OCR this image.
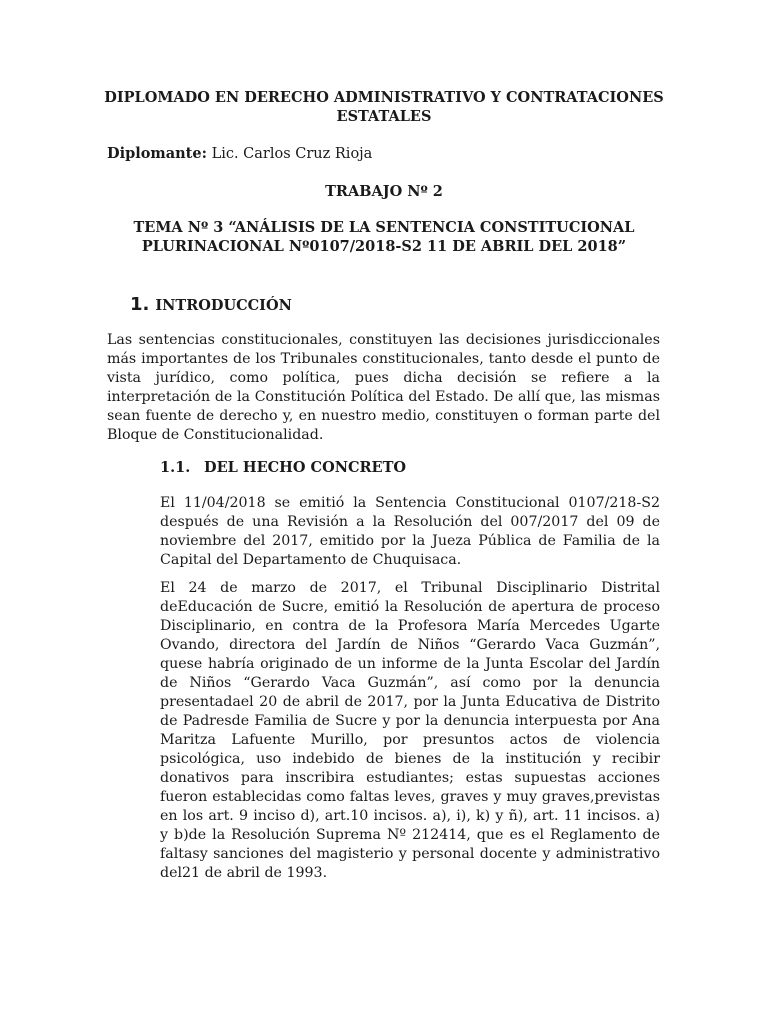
DIPLOMADO EN DERECHO ADMINISTRATIVO Y CONTRATACIONES ESTATALES
Diplomante: Lic. Carlos Cruz Rioja
TRABAJO Nº 2
TEMA Nº 3 “ANÁLISIS DE LA SENTENCIA CONSTITUCIONAL PLURINACIONAL Nº0107/2018-S2 11 DE ABRIL DEL 2018”
1. INTRODUCCIÓN

Las sentencias constitucionales, constituyen las decisiones jurisdiccionales más importantes de los Tribunales constitucionales, tanto desde el punto de vista jurídico, como política, pues dicha decisión se refiere a la interpretación de la Constitución Política del Estado. De allí que, las mismas sean fuente de derecho y, en nuestro medio, constituyen o forman parte del Bloque de Constitucionalidad.

1.1. DEL HECHO CONCRETO

El 11/04/2018 se emitió la Sentencia Constitucional 0107/218-S2 después de una Revisión a la Resolución del 007/2017 del 09 de noviembre del 2017, emitido por la Jueza Pública de Familia de la Capital del Departamento de Chuquisaca.

El 24 de marzo de 2017, el Tribunal Disciplinario Distrital deEducación de Sucre, emitió la Resolución de apertura de proceso Disciplinario, en contra de la Profesora María Mercedes Ugarte Ovando, directora del Jardín de Niños “Gerardo Vaca Guzmán”, quese habría originado de un informe de la Junta Escolar del Jardín de Niños “Gerardo Vaca Guzmán”, así como por la denuncia presentadael 20 de abril de 2017, por la Junta Educativa de Distrito de Padresde Familia de Sucre y por la denuncia interpuesta por Ana Maritza Lafuente Murillo, por presuntos actos de violencia psicológica, uso indebido de bienes de la institución y recibir donativos para inscribira estudiantes; estas supuestas acciones fueron establecidas como faltas leves, graves y muy graves,previstas en los art. 9 inciso d), art.10 incisos. a), i), k) y ñ), art. 11 incisos. a) y b)de la Resolución Suprema Nº 212414, que es el Reglamento de faltasy sanciones del magisterio y personal docente y administrativo del21 de abril de 1993.
